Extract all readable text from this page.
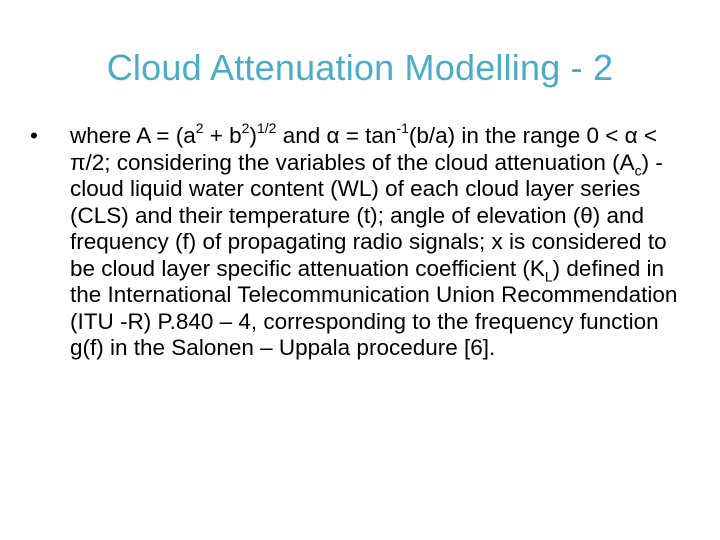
Cloud Attenuation Modelling - 2
•	where $A = (a^2 + b^2)^{1/2}$ and $\alpha = \tan^{-1}(b/a)$ in the range 0 < α < π/2; considering the variables of the cloud attenuation $(A_c)$ - cloud liquid water content (WL) of each cloud layer series (CLS) and their temperature (t); angle of elevation (θ) and frequency (f) of propagating radio signals; x is considered to be cloud layer specific attenuation coefficient $(K_L)$ defined in the International Telecommunication Union Recommendation (ITU -R) P.840 – 4, corresponding to the frequency function g(f) in the Salonen – Uppala procedure [6].
